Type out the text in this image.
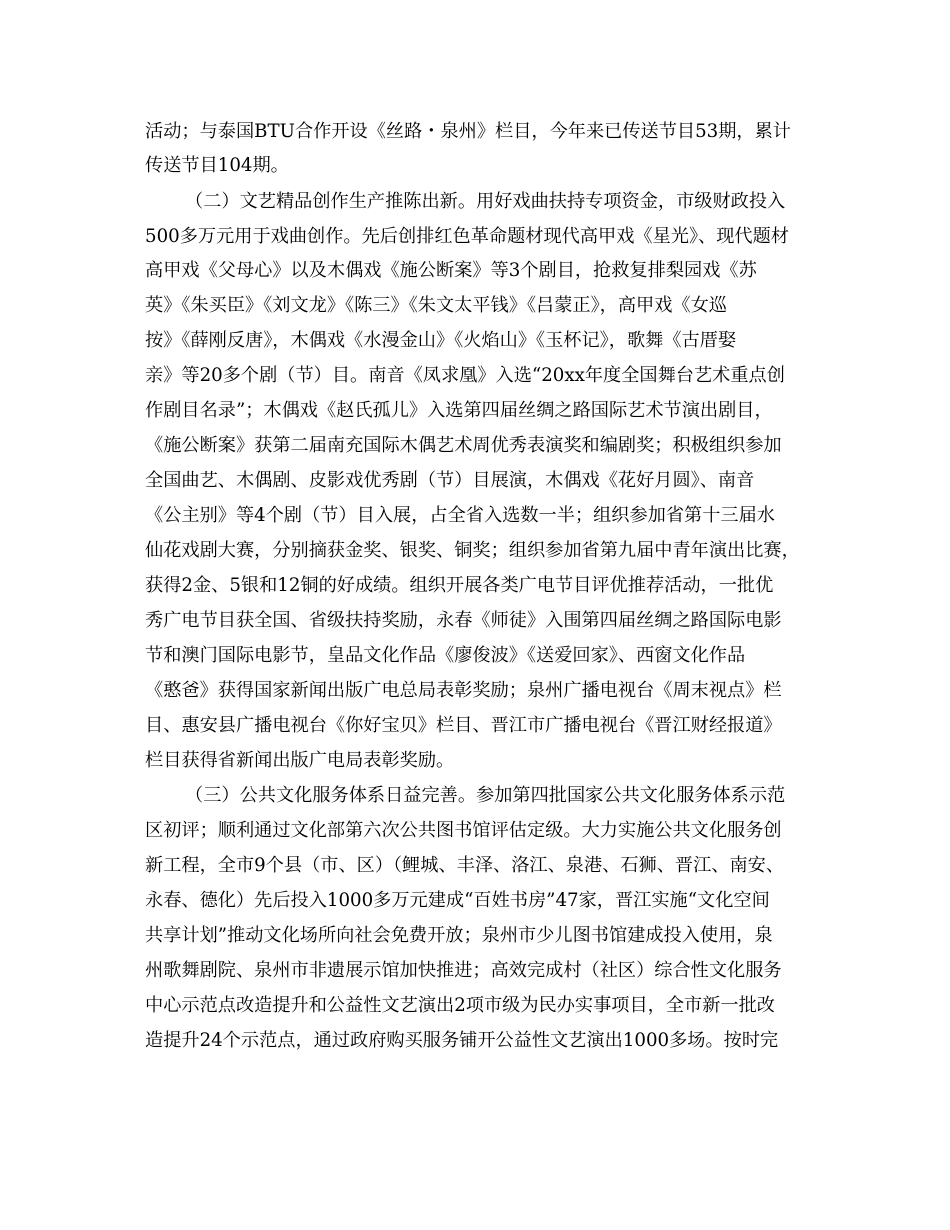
活动；与泰国BTU合作开设《丝路・泉州》栏目，今年来已传送节目53期，累计
传送节目104期。
（二）文艺精品创作生产推陈出新。用好戏曲扶持专项资金，市级财政投入
500多万元用于戏曲创作。先后创排红色革命题材现代高甲戏《星光》、现代题材
高甲戏《父母心》以及木偶戏《施公断案》等3个剧目，抢救复排梨园戏《苏
英》《朱买臣》《刘文龙》《陈三》《朱文太平钱》《吕蒙正》，高甲戏《女巡
按》《薛刚反唐》，木偶戏《水漫金山》《火焰山》《玉杯记》，歌舞《古厝娶
亲》等20多个剧（节）目。南音《凤求凰》入选“20xx年度全国舞台艺术重点创
作剧目名录”；木偶戏《赵氏孤儿》入选第四届丝绸之路国际艺术节演出剧目，
《施公断案》获第二届南充国际木偶艺术周优秀表演奖和编剧奖；积极组织参加
全国曲艺、木偶剧、皮影戏优秀剧（节）目展演，木偶戏《花好月圆》、南音
《公主别》等4个剧（节）目入展，占全省入选数一半；组织参加省第十三届水
仙花戏剧大赛，分别摘获金奖、银奖、铜奖；组织参加省第九届中青年演出比赛，
获得2金、5银和12铜的好成绩。组织开展各类广电节目评优推荐活动，一批优
秀广电节目获全国、省级扶持奖励，永春《师徒》入围第四届丝绸之路国际电影
节和澳门国际电影节，皇品文化作品《廖俊波》《送爱回家》、西窗文化作品
《憨爸》获得国家新闻出版广电总局表彰奖励；泉州广播电视台《周末视点》栏
目、惠安县广播电视台《你好宝贝》栏目、晋江市广播电视台《晋江财经报道》
栏目获得省新闻出版广电局表彰奖励。
（三）公共文化服务体系日益完善。参加第四批国家公共文化服务体系示范
区初评；顺利通过文化部第六次公共图书馆评估定级。大力实施公共文化服务创
新工程，全市9个县（市、区）（鲤城、丰泽、洛江、泉港、石狮、晋江、南安、
永春、德化）先后投入1000多万元建成“百姓书房”47家，晋江实施“文化空间
共享计划”推动文化场所向社会免费开放；泉州市少儿图书馆建成投入使用，泉
州歌舞剧院、泉州市非遗展示馆加快推进；高效完成村（社区）综合性文化服务
中心示范点改造提升和公益性文艺演出2项市级为民办实事项目，全市新一批改
造提升24个示范点，通过政府购买服务铺开公益性文艺演出1000多场。按时完
